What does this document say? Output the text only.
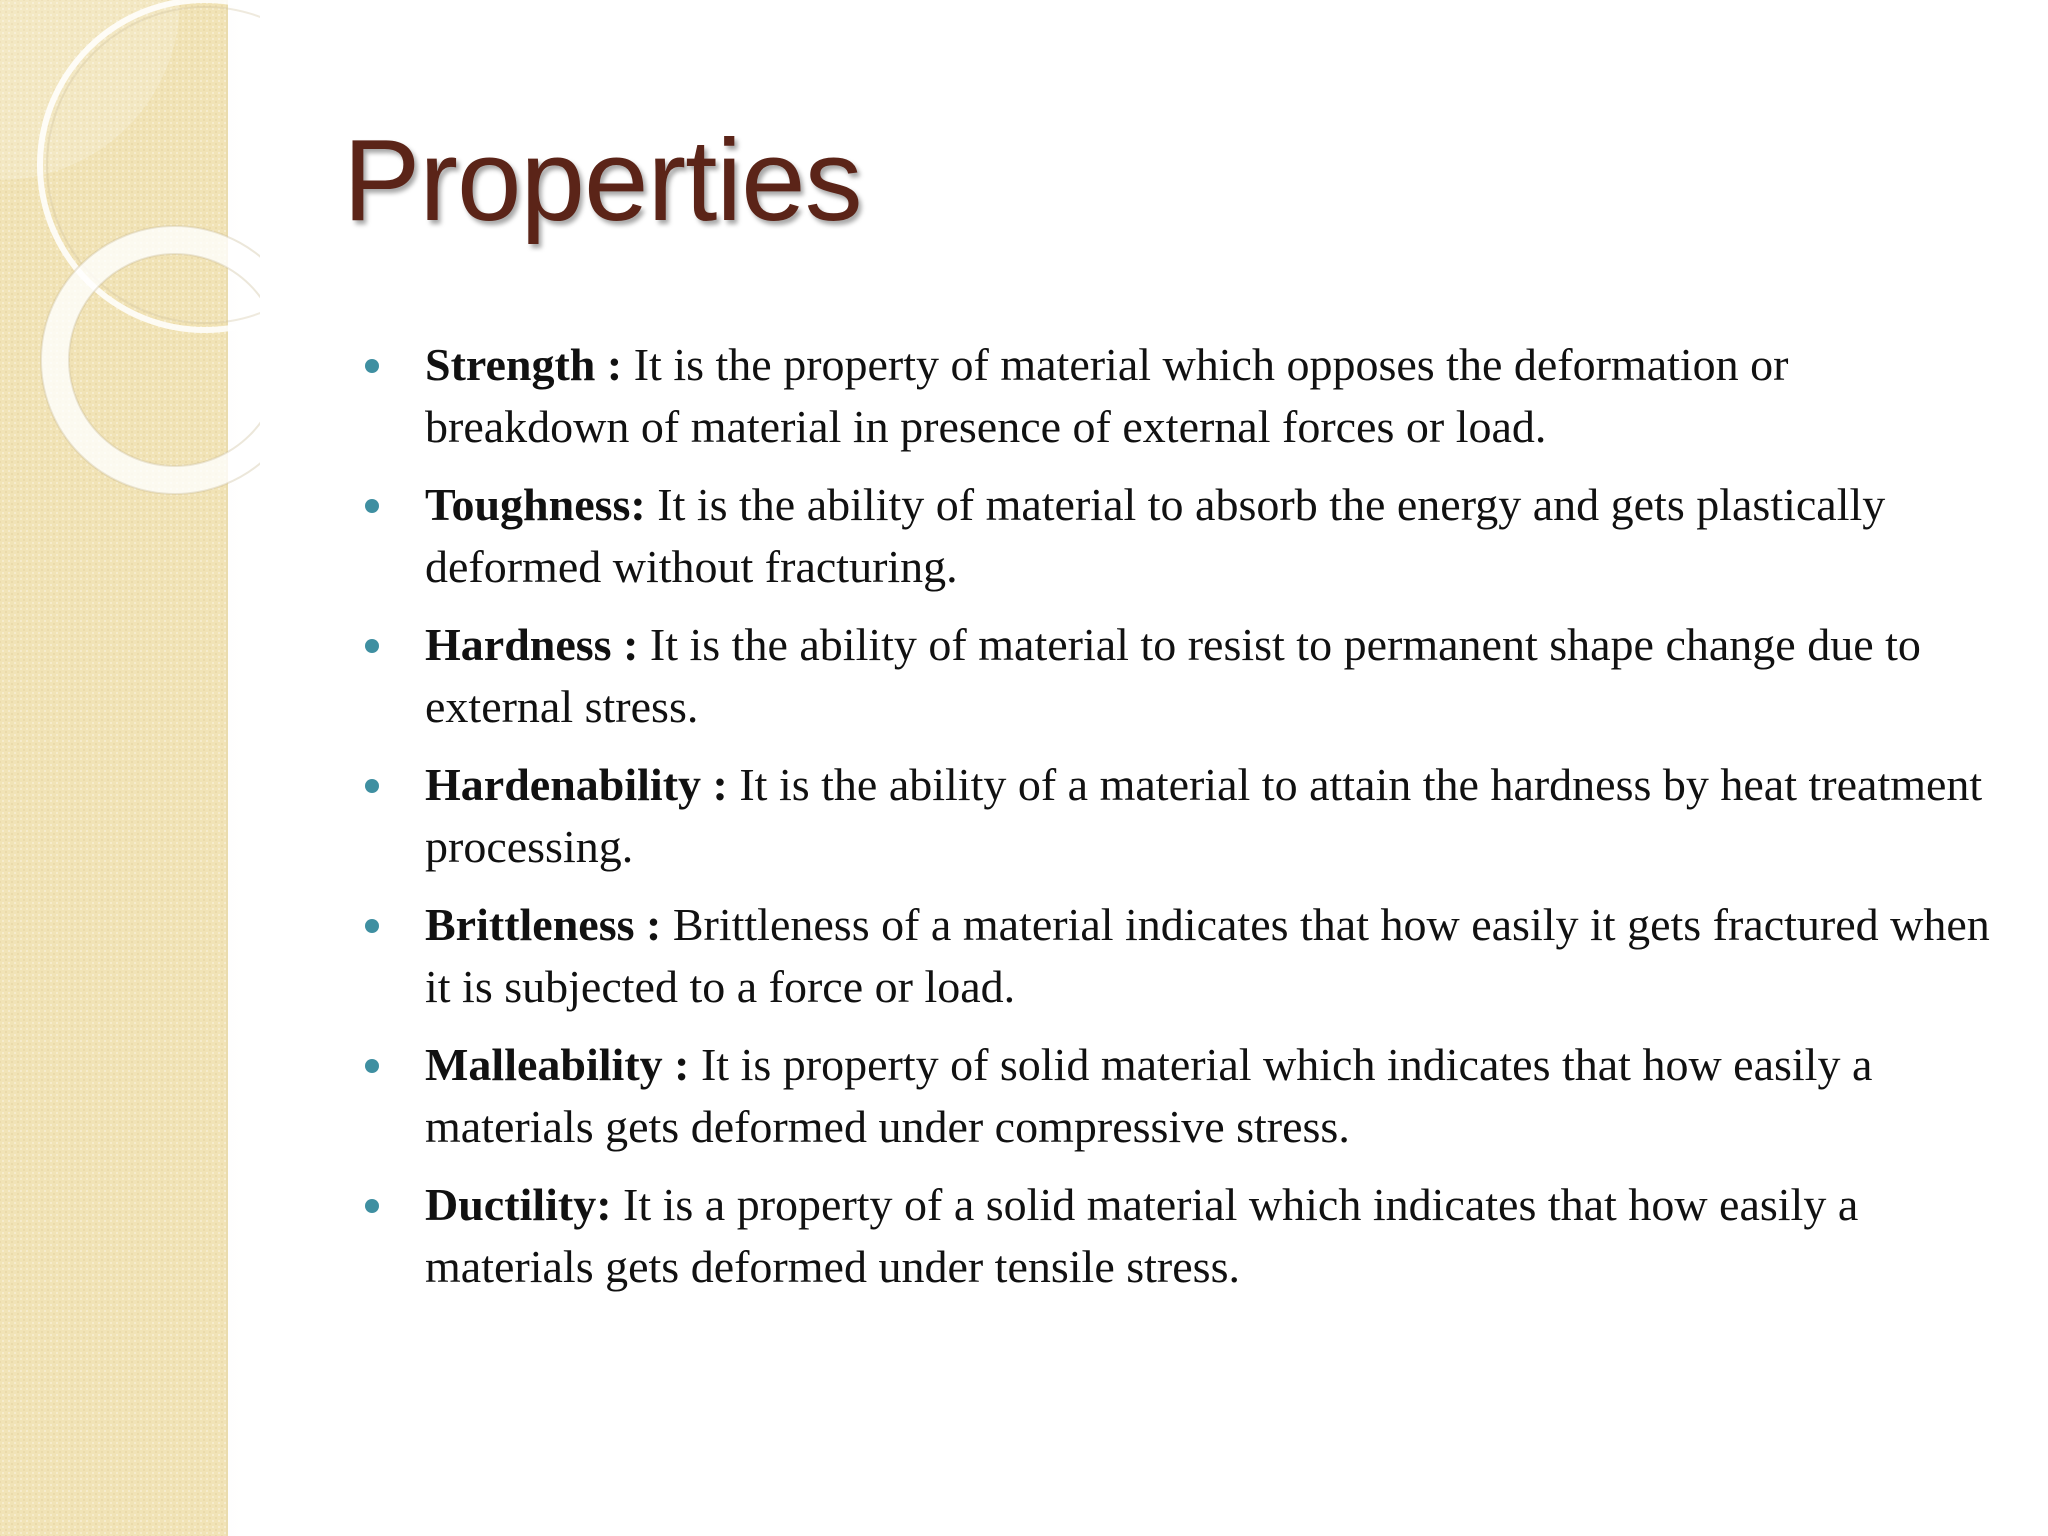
Properties
Strength : It is the property of material which opposes the deformation or breakdown of material in presence of external forces or load.
Toughness: It is the ability of material to absorb the energy and gets plastically deformed without fracturing.
Hardness : It is the ability of material to resist to permanent shape change due to external stress.
Hardenability : It is the ability of a material to attain the hardness by heat treatment processing.
Brittleness : Brittleness of a material indicates that how easily it gets fractured when it is subjected to a force or load.
Malleability : It is property of solid material which indicates that how easily a materials gets deformed under compressive stress.
Ductility: It is a property of a solid material which indicates that how easily a materials gets deformed under tensile stress.
